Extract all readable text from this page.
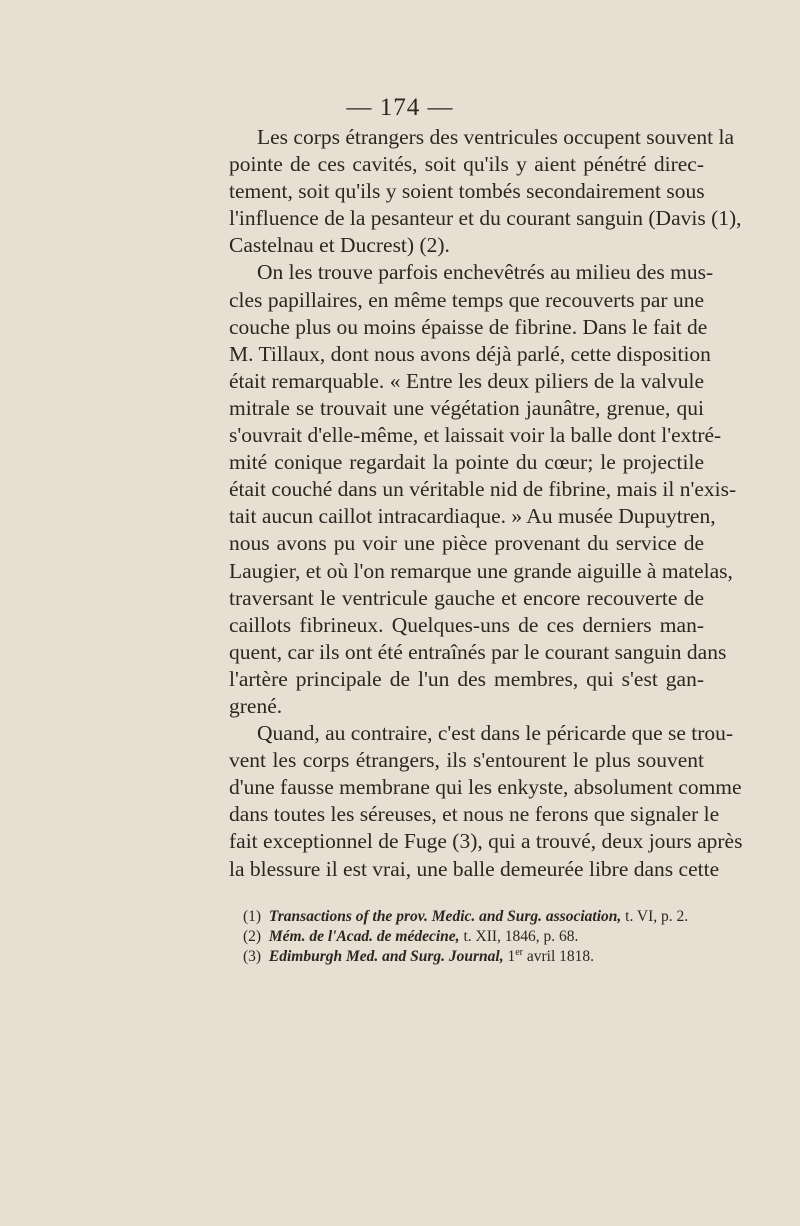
— 174 —
Les corps étrangers des ventricules occupent souvent la
pointe de ces cavités, soit qu'ils y aient pénétré direc-
tement, soit qu'ils y soient tombés secondairement sous
l'influence de la pesanteur et du courant sanguin (Davis (1),
Castelnau et Ducrest) (2).
On les trouve parfois enchevêtrés au milieu des mus-
cles papillaires, en même temps que recouverts par une
couche plus ou moins épaisse de fibrine. Dans le fait de
M. Tillaux, dont nous avons déjà parlé, cette disposition
était remarquable. « Entre les deux piliers de la valvule
mitrale se trouvait une végétation jaunâtre, grenue, qui
s'ouvrait d'elle-même, et laissait voir la balle dont l'extré-
mité conique regardait la pointe du cœur; le projectile
était couché dans un véritable nid de fibrine, mais il n'exis-
tait aucun caillot intracardiaque. » Au musée Dupuytren,
nous avons pu voir une pièce provenant du service de
Laugier, et où l'on remarque une grande aiguille à matelas,
traversant le ventricule gauche et encore recouverte de
caillots fibrineux. Quelques-uns de ces derniers man-
quent, car ils ont été entraînés par le courant sanguin dans
l'artère principale de l'un des membres, qui s'est gan-
grené.
Quand, au contraire, c'est dans le péricarde que se trou-
vent les corps étrangers, ils s'entourent le plus souvent
d'une fausse membrane qui les enkyste, absolument comme
dans toutes les séreuses, et nous ne ferons que signaler le
fait exceptionnel de Fuge (3), qui a trouvé, deux jours après
la blessure il est vrai, une balle demeurée libre dans cette
(1) Transactions of the prov. Medic. and Surg. association, t. VI, p. 2.
(2) Mém. de l'Acad. de médecine, t. XII, 1846, p. 68.
(3) Edimburgh Med. and Surg. Journal, 1er avril 1818.
